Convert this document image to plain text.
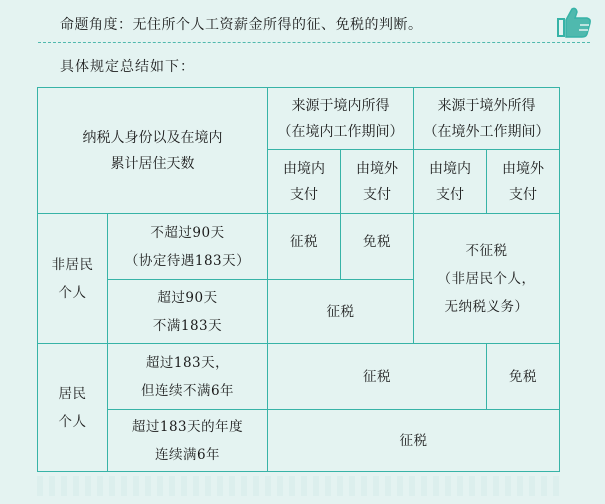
命题角度：无住所个人工资薪金所得的征、免税的判断。
具体规定总结如下：
纳税人身份以及在境内
累计居住天数		来源于境内所得
（在境内工作期间）		来源于境外所得
（在境外工作期间）	

		由境内
支付	由境外
支付	由境内
支付	由境外
支付

非居民
个人	不超过90天
（协定待遇183天）	征税	免税	不征税
（非居民个人，
无纳税义务）	

	超过90天
不满183天	征税			

居民
个人	超过183天，
但连续不满6年	征税			免税

	超过183天的年度
连续满6年	征税			
